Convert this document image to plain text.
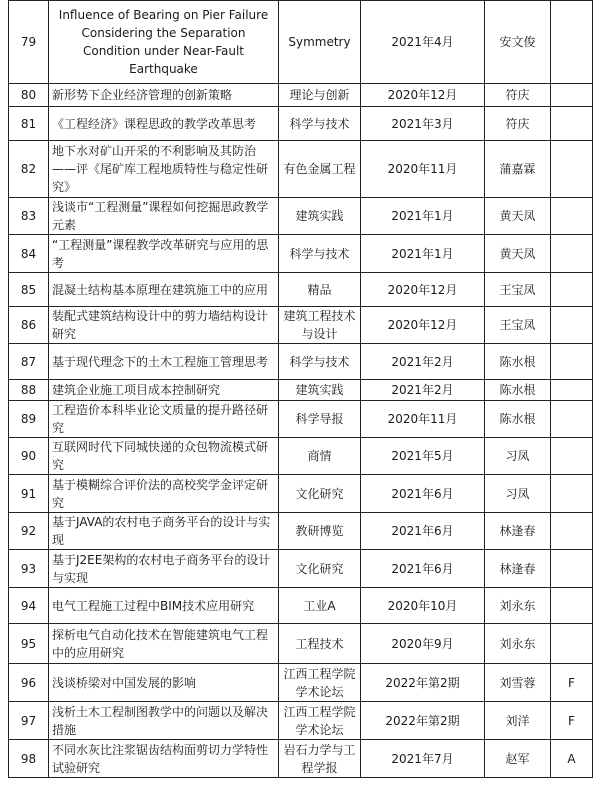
79	Influence of Bearing on Pier Failure Considering the Separation Condition under Near-Fault Earthquake	Symmetry	2021年4月	安文俊	
80	新形势下企业经济管理的创新策略	理论与创新	2020年12月	符庆	
81	《工程经济》课程思政的教学改革思考	科学与技术	2021年3月	符庆	
82	地下水对矿山开采的不利影响及其防治——评《尾矿库工程地质特性与稳定性研究》	有色金属工程	2020年11月	蒲嘉霖	
83	浅谈市“工程测量”课程如何挖掘思政教学元素	建筑实践	2021年1月	黄天凤	
84	“工程测量”课程教学改革研究与应用的思考	科学与技术	2021年1月	黄天凤	
85	混凝土结构基本原理在建筑施工中的应用	精品	2020年12月	王宝凤	
86	装配式建筑结构设计中的剪力墙结构设计研究	建筑工程技术与设计	2020年12月	王宝凤	
87	基于现代理念下的土木工程施工管理思考	科学与技术	2021年2月	陈水根	
88	建筑企业施工项目成本控制研究	建筑实践	2021年2月	陈水根	
89	工程造价本科毕业论文质量的提升路径研究	科学导报	2020年11月	陈水根	
90	互联网时代下同城快递的众包物流模式研究	商情	2021年5月	习凤	
91	基于模糊综合评价法的高校奖学金评定研究	文化研究	2021年6月	习凤	
92	基于JAVA的农村电子商务平台的设计与实现	教研博览	2021年6月	林逢春	
93	基于J2EE架构的农村电子商务平台的设计与实现	文化研究	2021年6月	林逢春	
94	电气工程施工过程中BIM技术应用研究	工业A	2020年10月	刘永东	
95	探析电气自动化技术在智能建筑电气工程中的应用研究	工程技术	2020年9月	刘永东	
96	浅谈桥梁对中国发展的影响	江西工程学院学术论坛	2022年第2期	刘雪蓉	F
97	浅析土木工程制图教学中的问题以及解决措施	江西工程学院学术论坛	2022年第2期	刘洋	F
98	不同水灰比注浆锯齿结构面剪切力学特性试验研究	岩石力学与工程学报	2021年7月	赵军	A
